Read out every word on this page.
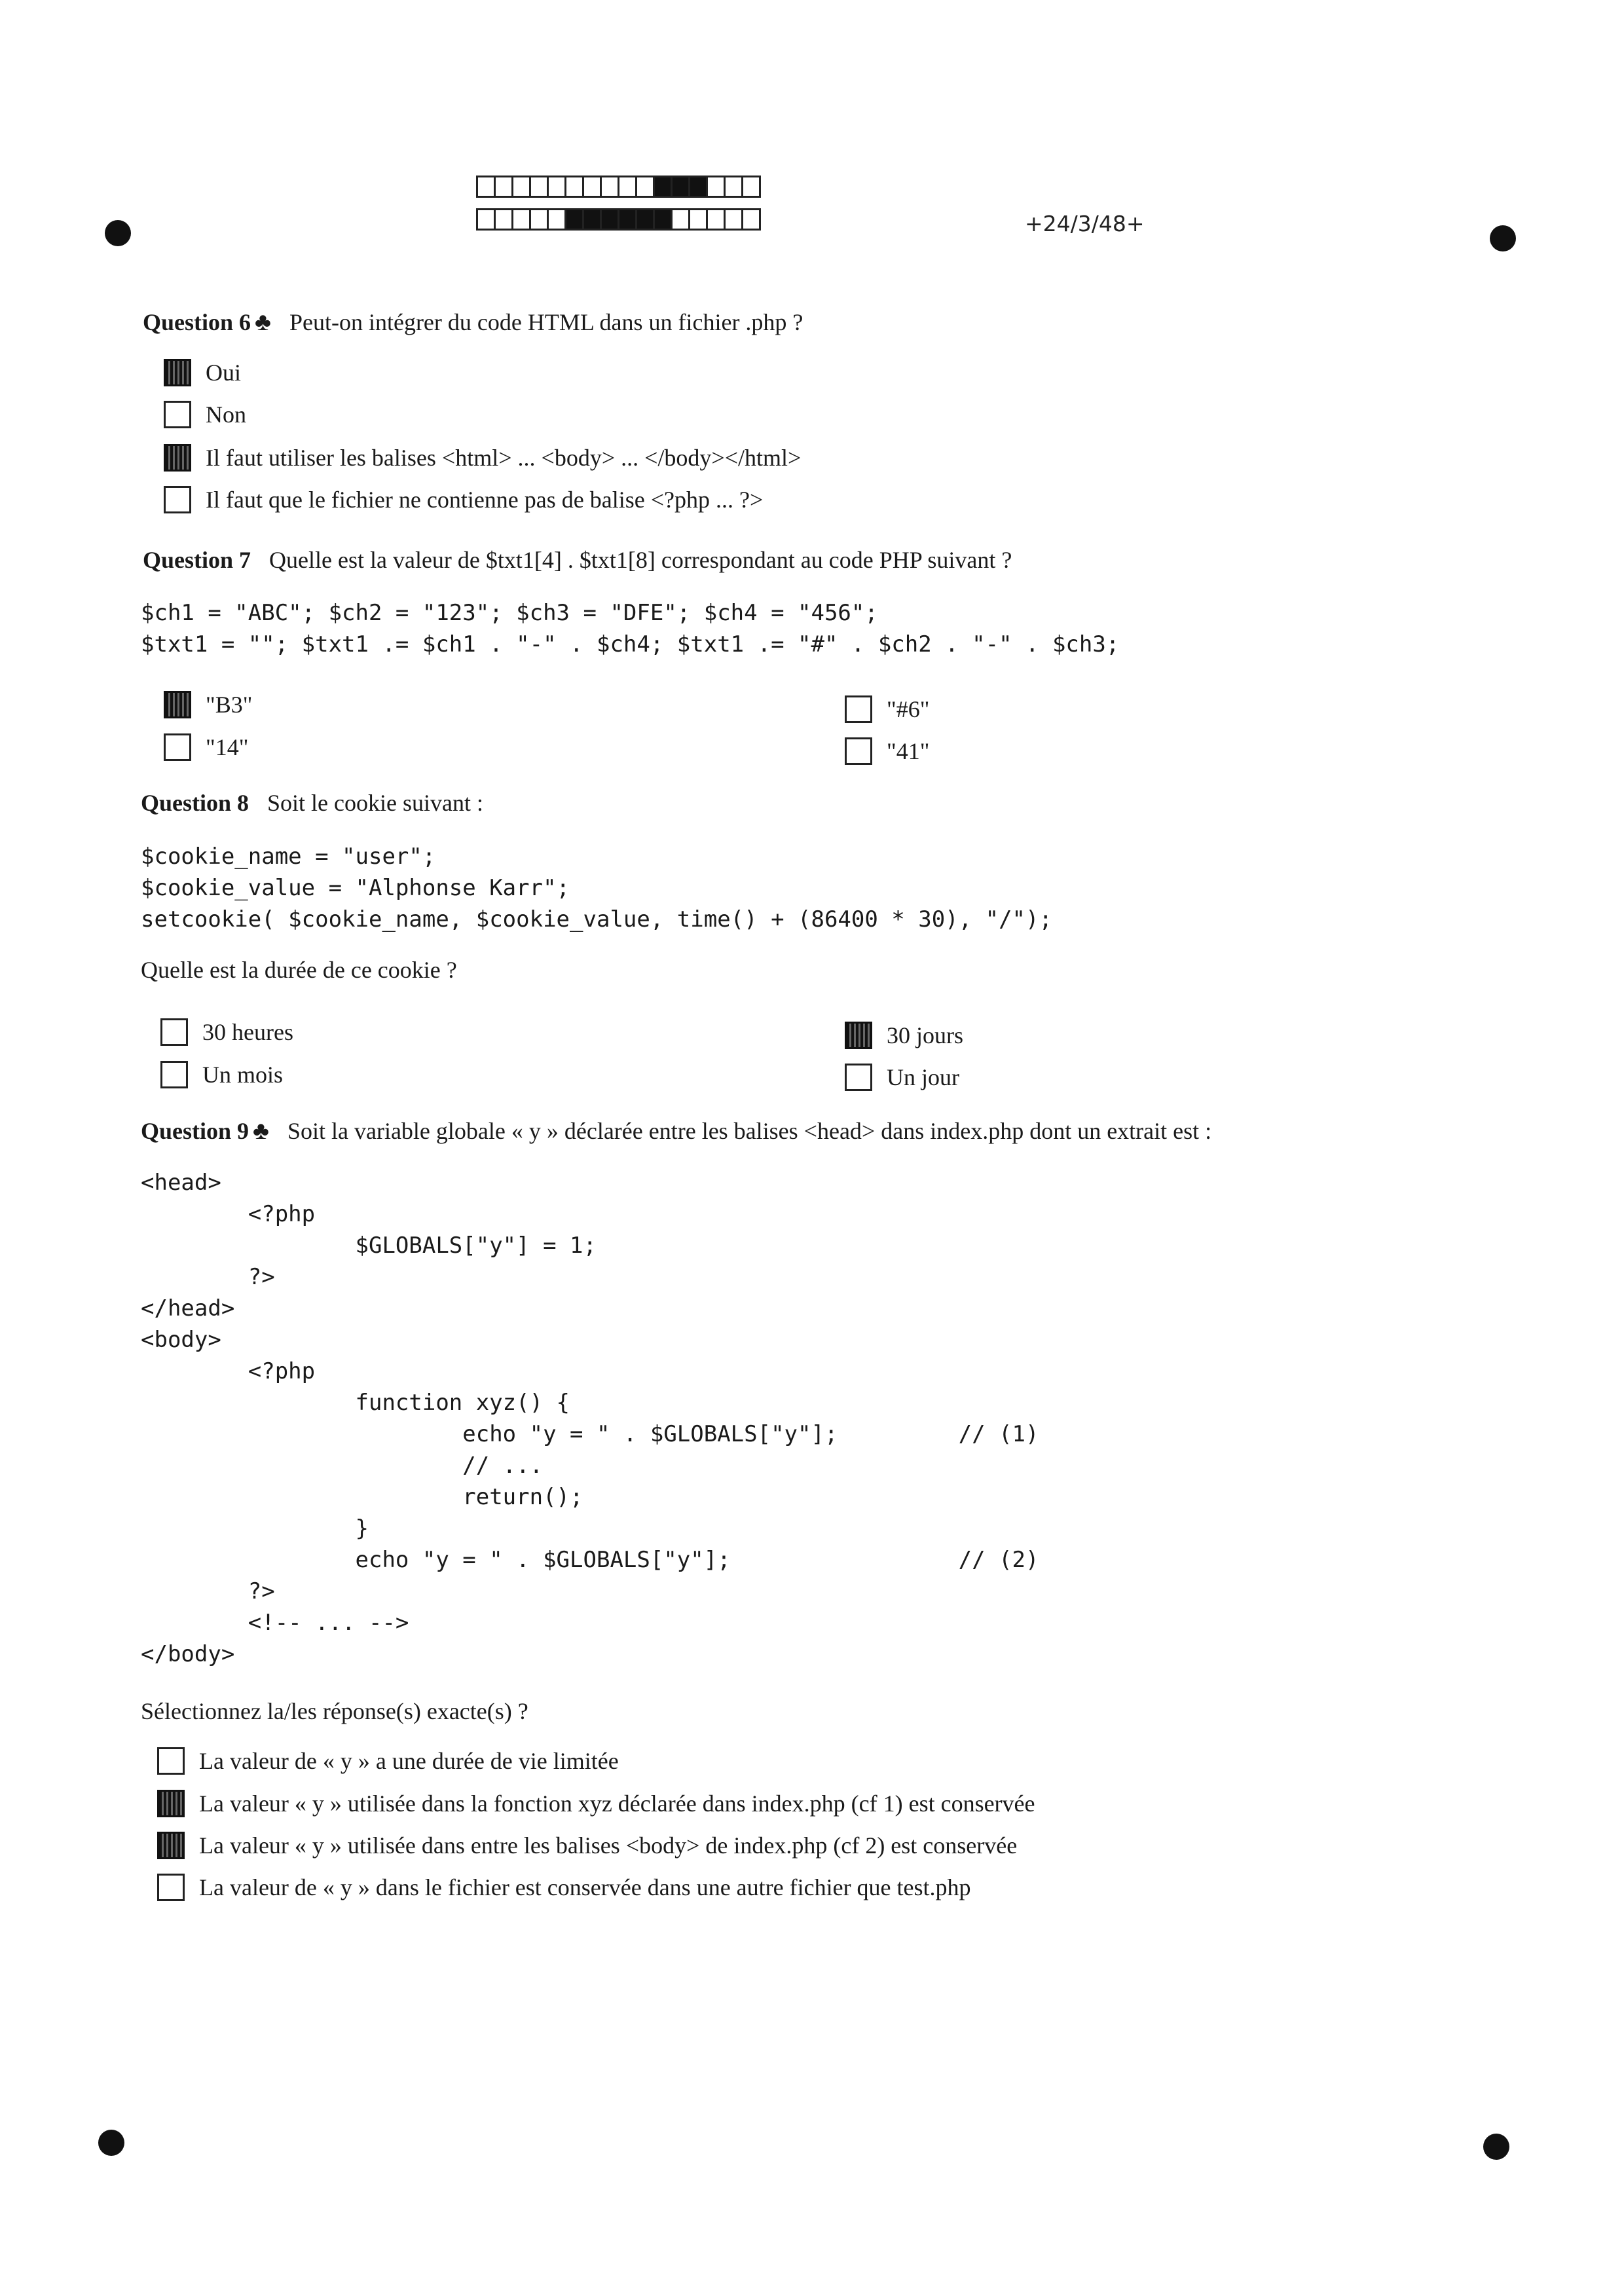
+24/3/48+
Question 6 ♣ Peut-on intégrer du code HTML dans un fichier .php ?
Oui
Non
Il faut utiliser les balises <html> ... <body> ... </body></html>
Il faut que le fichier ne contienne pas de balise <?php ... ?>
Question 7 Quelle est la valeur de $txt1[4] . $txt1[8] correspondant au code PHP suivant ?
$ch1 = "ABC"; $ch2 = "123"; $ch3 = "DFE"; $ch4 = "456";
$txt1 = ""; $txt1 .= $ch1 . "-" . $ch4; $txt1 .= "#" . $ch2 . "-" . $ch3;
"B3"
"14"
"#6"
"41"
Question 8 Soit le cookie suivant :
$cookie_name = "user";
$cookie_value = "Alphonse Karr";
setcookie( $cookie_name, $cookie_value, time() + (86400 * 30), "/");
Quelle est la durée de ce cookie ?
30 heures
Un mois
30 jours
Un jour
Question 9 ♣ Soit la variable globale « y » déclarée entre les balises <head> dans index.php dont un extrait est :
<head>
<?php
$GLOBALS["y"] = 1;
?>
</head>
<body>
<?php
function xyz() {
echo "y = " . $GLOBALS["y"];         // (1)
// ...
return();
}
echo "y = " . $GLOBALS["y"];                 // (2)
?>
<!-- ... -->
</body>
Sélectionnez la/les réponse(s) exacte(s) ?
La valeur de « y » a une durée de vie limitée
La valeur « y » utilisée dans la fonction xyz déclarée dans index.php (cf 1) est conservée
La valeur « y » utilisée dans entre les balises <body> de index.php (cf 2) est conservée
La valeur de « y » dans le fichier est conservée dans une autre fichier que test.php
